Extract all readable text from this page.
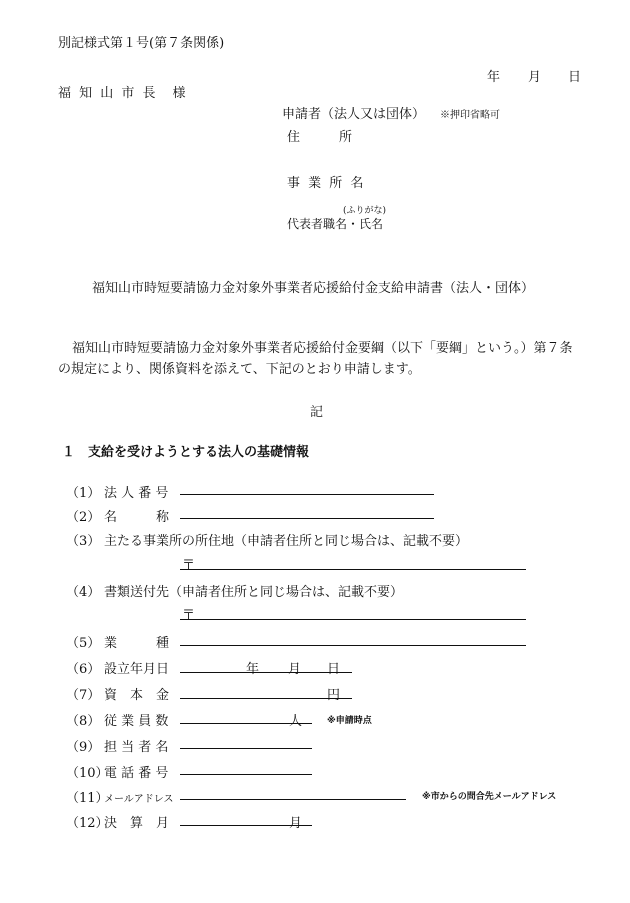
別記様式第１号(第７条関係)
年 月 日
福 知 山 市 長　様
申請者（法人又は団体） ※押印省略可
住　　　所
事 業 所 名
(ふりがな)
代表者職名・氏名
福知山市時短要請協力金対象外事業者応援給付金支給申請書（法人・団体）
福知山市時短要請協力金対象外事業者応援給付金要綱（以下「要綱」という。）第７条
の規定により、関係資料を添えて、下記のとおり申請します。
記
１　支給を受けようとする法人の基礎情報
（1） 法 人 番 号
（2） 名　　　称
（3） 主たる事業所の所住地（申請者住所と同じ場合は、記載不要）
〒
（4） 書類送付先（申請者住所と同じ場合は、記載不要）
〒
（5） 業　　　種
（6） 設立年月日	年 月 日
（7） 資　本　金	円
（8） 従 業 員 数	人	※申請時点
（9） 担 当 者 名
（10）電 話 番 号
（11）メールアドレス	※市からの問合先メールアドレス
（12）決　算　月	月
